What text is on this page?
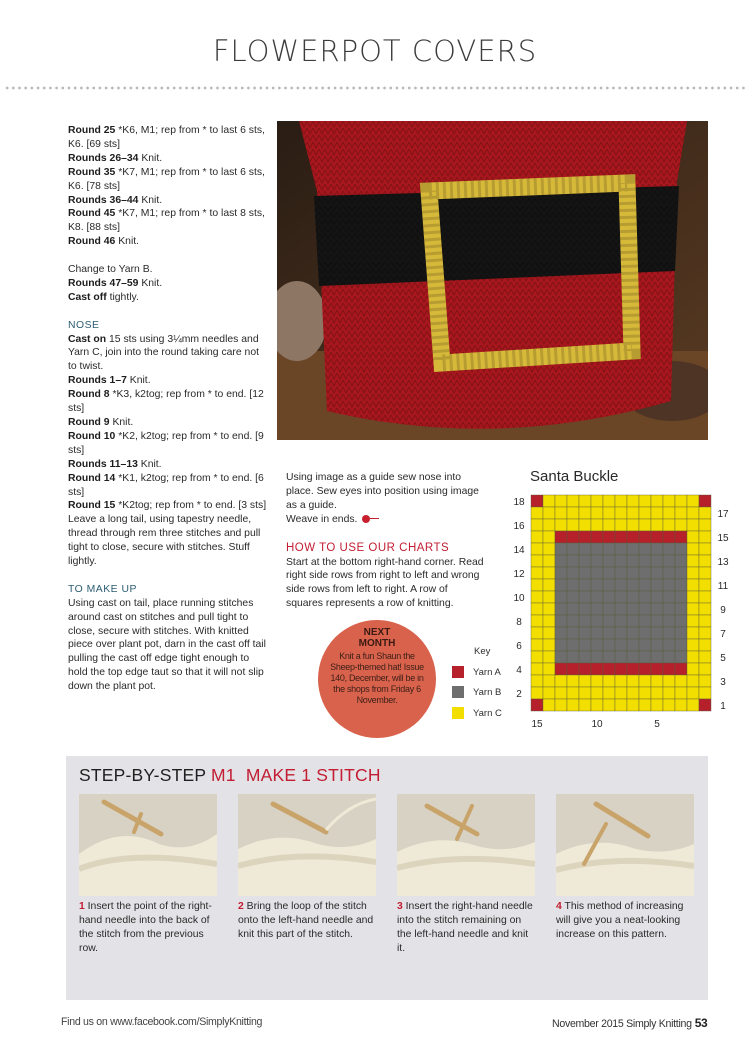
FLOWERPOT COVERS
Round 25 *K6, M1; rep from * to last 6 sts, K6. [69 sts]
Rounds 26–34 Knit.
Round 35 *K7, M1; rep from * to last 6 sts, K6. [78 sts]
Rounds 36–44 Knit.
Round 45 *K7, M1; rep from * to last 8 sts, K8. [88 sts]
Round 46 Knit.
Change to Yarn B.
Rounds 47–59 Knit.
Cast off tightly.
NOSE
Cast on 15 sts using 3¼mm needles and Yarn C, join into the round taking care not to twist.
Rounds 1–7 Knit.
Round 8 *K3, k2tog; rep from * to end. [12 sts]
Round 9 Knit.
Round 10 *K2, k2tog; rep from * to end. [9 sts]
Rounds 11–13 Knit.
Round 14 *K1, k2tog; rep from * to end. [6 sts]
Round 15 *K2tog; rep from * to end. [3 sts]
Leave a long tail, using tapestry needle, thread through rem three stitches and pull tight to close, secure with stitches. Stuff lightly.
TO MAKE UP
Using cast on tail, place running stitches around cast on stitches and pull tight to close, secure with stitches. With knitted piece over plant pot, darn in the cast off tail pulling the cast off edge tight enough to hold the top edge taut so that it will not slip down the plant pot.
Using image as a guide sew nose into place. Sew eyes into position using image as a guide.
Weave in ends.
HOW TO USE OUR CHARTS
Start at the bottom right-hand corner. Read right side rows from right to left and wrong side rows from left to right. A row of squares represents a row of knitting.
NEXT MONTH
Knit a fun Shaun the Sheep-themed hat! Issue 140, December, will be in the shops from Friday 6 November.
Key
Yarn A
Yarn B
Yarn C
Santa Buckle
2
4
6
8
10
12
14
16
18
1
3
5
7
9
11
13
15
17
15	10	5
STEP-BY-STEP M1 MAKE 1 STITCH
1 Insert the point of the right-hand needle into the back of the stitch from the previous row.
2 Bring the loop of the stitch onto the left-hand needle and knit this part of the stitch.
3 Insert the right-hand needle into the stitch remaining on the left-hand needle and knit it.
4 This method of increasing will give you a neat-looking increase on this pattern.
Find us on www.facebook.com/SimplyKnitting	November 2015 Simply Knitting 53
